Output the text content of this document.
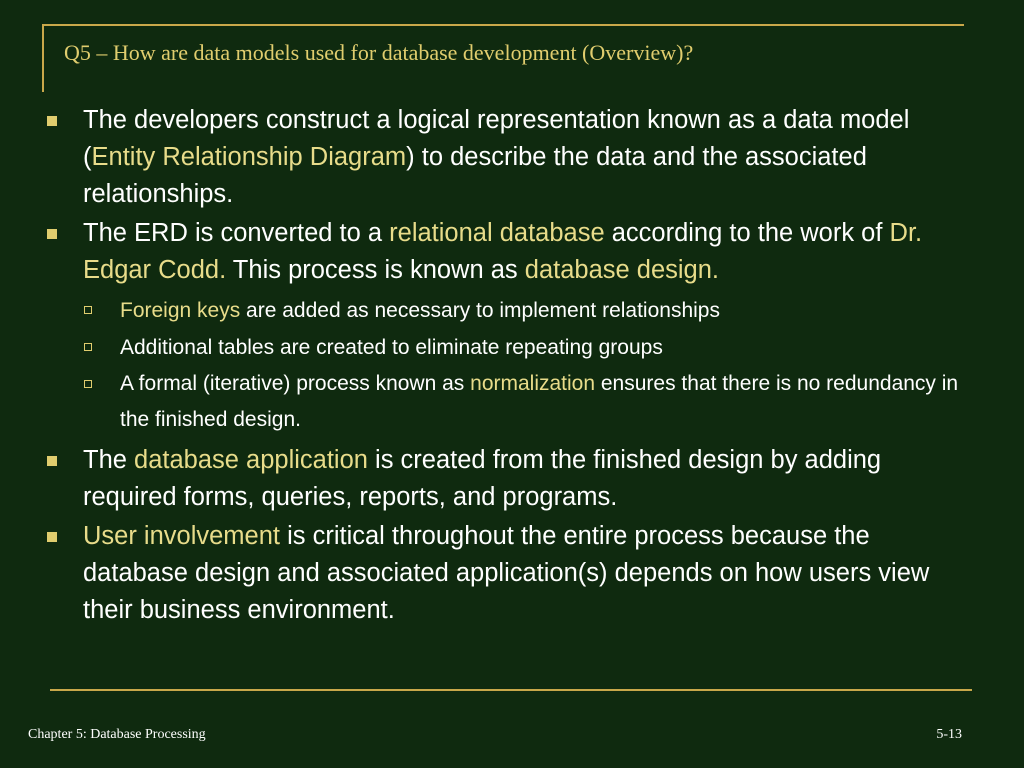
Q5 – How are data models used for database development (Overview)?
The developers construct a logical representation known as a data model (Entity Relationship Diagram) to describe the data and the associated relationships.
The ERD is converted to a relational database according to the work of Dr. Edgar Codd. This process is known as database design.
Foreign keys are added as necessary to implement relationships
Additional tables are created to eliminate repeating groups
A formal (iterative) process known as normalization ensures that there is no redundancy in the finished design.
The database application is created from the finished design by adding required forms, queries, reports, and programs.
User involvement is critical throughout the entire process because the database design and associated application(s) depends on how users view their business environment.
Chapter 5: Database Processing	5-13
